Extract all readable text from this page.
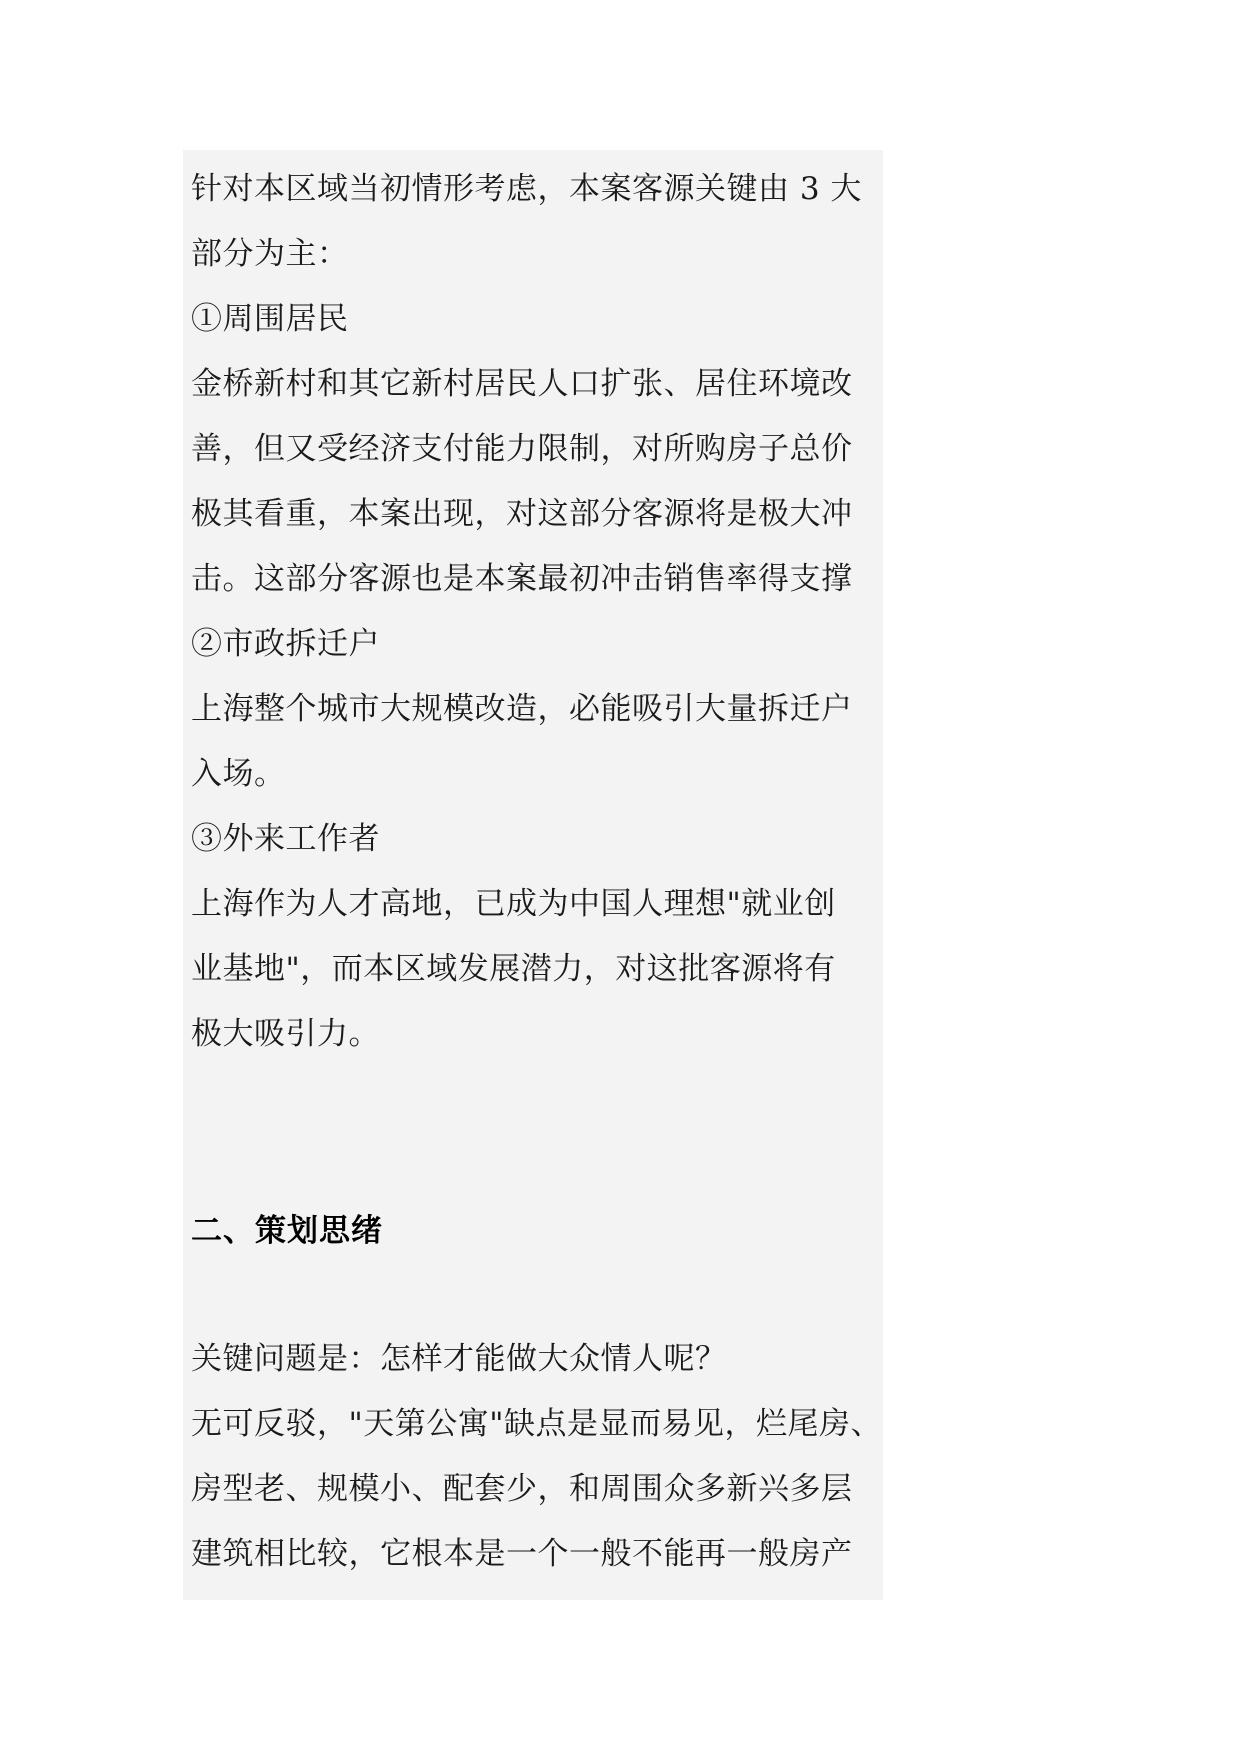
针对本区域当初情形考虑，本案客源关键由 3 大
部分为主：
①周围居民
金桥新村和其它新村居民人口扩张、居住环境改
善，但又受经济支付能力限制，对所购房子总价
极其看重，本案出现，对这部分客源将是极大冲
击。这部分客源也是本案最初冲击销售率得支撑
②市政拆迁户
上海整个城市大规模改造，必能吸引大量拆迁户
入场。
③外来工作者
上海作为人才高地，已成为中国人理想"就业创
业基地"，而本区域发展潜力，对这批客源将有
极大吸引力。
二、策划思绪
关键问题是：怎样才能做大众情人呢？
无可反驳，"天第公寓"缺点是显而易见，烂尾房、
房型老、规模小、配套少，和周围众多新兴多层
建筑相比较，它根本是一个一般不能再一般房产
